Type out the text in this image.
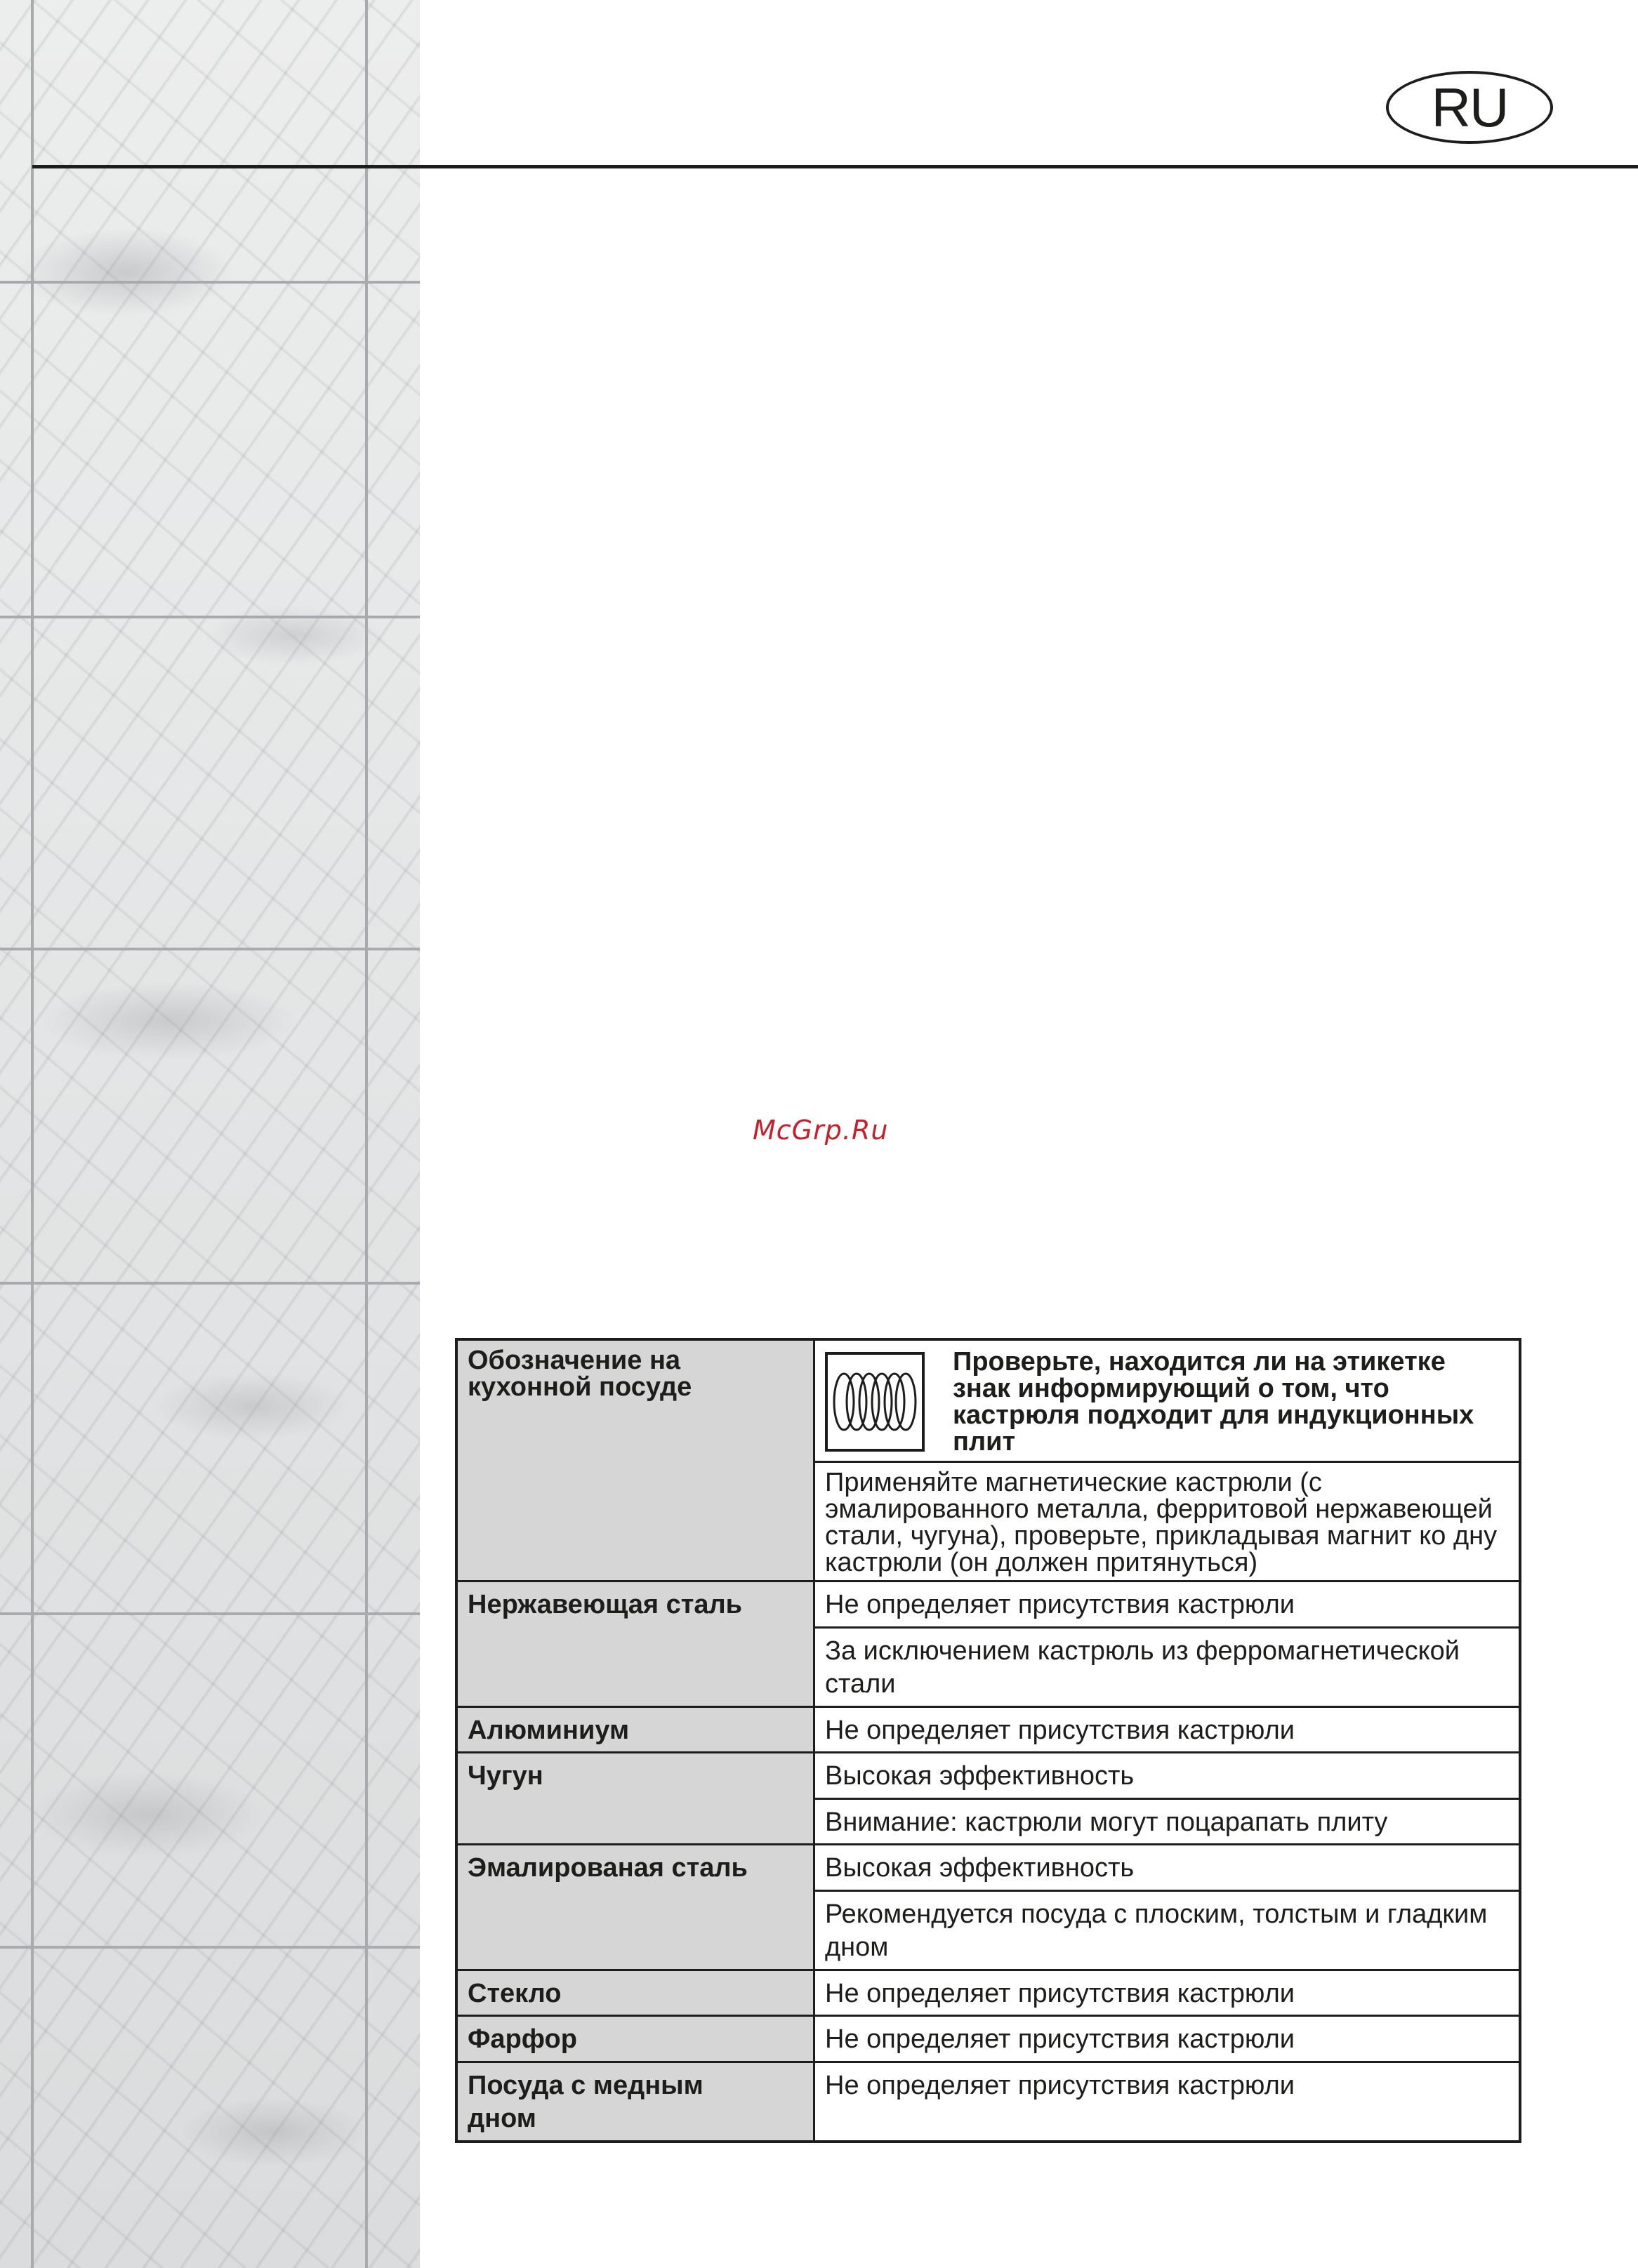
RU
McGrp.Ru
Обозначение на кухонной посуде	Проверьте, находится ли на этикетке знак информирующий о том, что кастрюля подходит для индукционных плит

	Применяйте магнетические кастрюли (с эмалированного металла, ферритовой нержавеющей стали, чугуна), проверьте, прикладывая магнит ко дну кастрюли (он должен притянуться)

Нержавеющая сталь	Не определяет присутствия кастрюли
	За исключением кастрюль из ферромагнетической стали
Алюминиум	Не определяет присутствия кастрюли
Чугун	Высокая эффективность
	Внимание: кастрюли могут поцарапать плиту
Эмалированая сталь	Высокая эффективность
	Рекомендуется посуда с плоским, толстым и гладким дном
Стекло	Не определяет присутствия кастрюли
Фарфор	Не определяет присутствия кастрюли

Посуда с медным дном	Не определяет присутствия кастрюли
